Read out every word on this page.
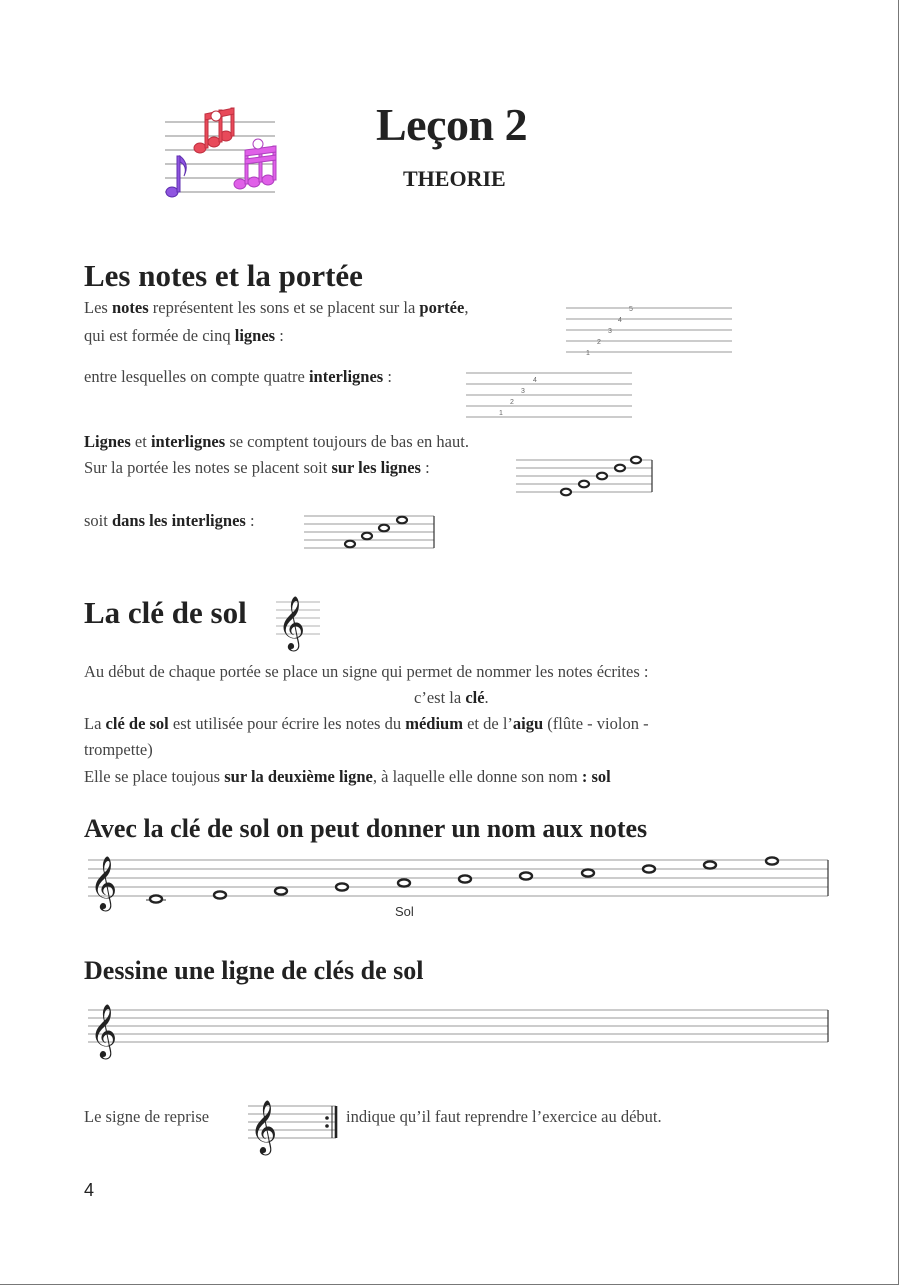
Leçon 2
THEORIE
Les notes et la portée
Les notes représentent les sons et se placent sur la portée,
qui est formée de cinq lignes :
5
4
3
2
1
entre lesquelles on compte quatre interlignes :	4
3
2
1
Lignes et interlignes se comptent toujours de bas en haut.
Sur la portée les notes se placent soit sur les lignes :
soit dans les interlignes :
La clé de sol 𝄞
Au début de chaque portée se place un signe qui permet de nommer les notes écrites :
c’est la clé.
La clé de sol est utilisée pour écrire les notes du médium et de l’aigu (flûte - violon -
trompette)
Elle se place toujous sur la deuxième ligne, à laquelle elle donne son nom : sol
Avec la clé de sol on peut donner un nom aux notes
𝄞
Sol
Dessine une ligne de clés de sol
𝄞
Le signe de reprise 𝄞	indique qu’il faut reprendre l’exercice au début.
4
